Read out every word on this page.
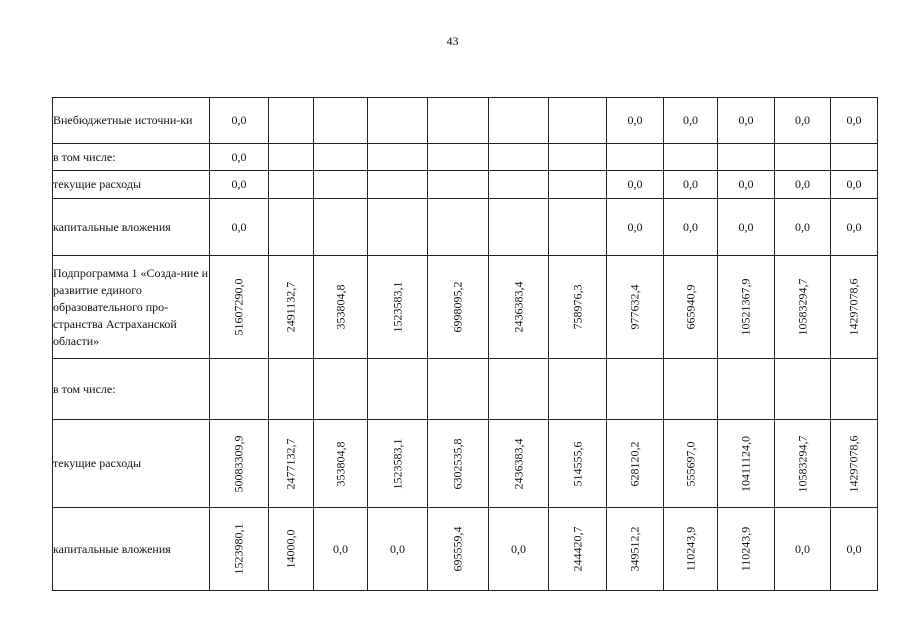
43
Внебюджетные источни-ки	0,0							0,0	0,0	0,0	0,0	0,0
в том числе:	0,0											
текущие расходы	0,0							0,0	0,0	0,0	0,0	0,0
капитальные вложения	0,0							0,0	0,0	0,0	0,0	0,0
Подпрограмма 1 «Созда-ние и развитие единого образовательного про-странства Астраханской области»	51607290,0	2491132,7	353804,8	1523583,1	6998095,2	2436383,4	758976,3	977632,4	665940,9	10521367,9	10583294,7	14297078,6

в том числе:												
текущие расходы	50083309,9	2477132,7	353804,8	1523583,1	6302535,8	2436383,4	514555,6	628120,2	555697,0	10411124,0	10583294,7	14297078,6

капитальные вложения	1523980,1	14000,0	0,0	0,0	695559,4	0,0	244420,7	349512,2	110243,9	110243,9	0,0	0,0
